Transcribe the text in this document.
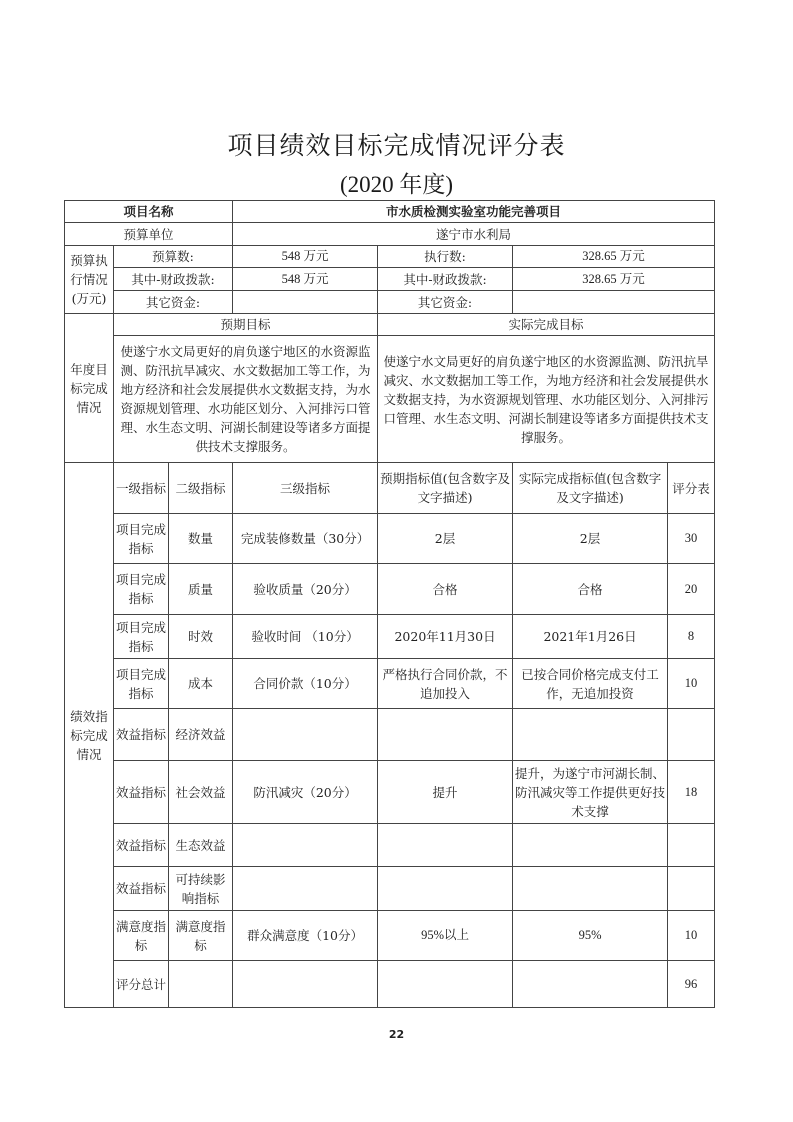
项目绩效目标完成情况评分表
(2020 年度)
项目名称			市水质检测实验室功能完善项目			
预算单位			遂宁市水利局			
预算执行情况(万元)	预算数:		548 万元	执行数:	328.65 万元	
	其中-财政拨款:		548 万元	其中-财政拨款:	328.65 万元	
	其它资金:			其它资金:		
年度目标完成情况	预期目标			实际完成目标		
	使遂宁水文局更好的肩负遂宁地区的水资源监测、防汛抗旱减灾、水文数据加工等工作，为地方经济和社会发展提供水文数据支持，为水资源规划管理、水功能区划分、入河排污口管理、水生态文明、河湖长制建设等诸多方面提供技术支撑服务。			使遂宁水文局更好的肩负遂宁地区的水资源监测、防汛抗旱减灾、水文数据加工等工作，为地方经济和社会发展提供水文数据支持，为水资源规划管理、水功能区划分、入河排污口管理、水生态文明、河湖长制建设等诸多方面提供技术支撑服务。		
绩效指标完成情况	一级指标	二级指标	三级指标	预期指标值(包含数字及文字描述)	实际完成指标值(包含数字及文字描述)	评分表
	项目完成指标	数量	完成装修数量（30分）	2层	2层	30
	项目完成指标	质量	验收质量（20分）	合格	合格	20
	项目完成指标	时效	验收时间 （10分）	2020年11月30日	2021年1月26日	8
	项目完成指标	成本	合同价款（10分）	严格执行合同价款，不追加投入	已按合同价格完成支付工作，无追加投资	10
	效益指标	经济效益				
	效益指标	社会效益	防汛减灾（20分）	提升	提升，为遂宁市河湖长制、防汛减灾等工作提供更好技术支撑	18
	效益指标	生态效益				
	效益指标	可持续影响指标				
	满意度指标	满意度指标	群众满意度（10分）	95%以上	95%	10
	评分总计					96
22
